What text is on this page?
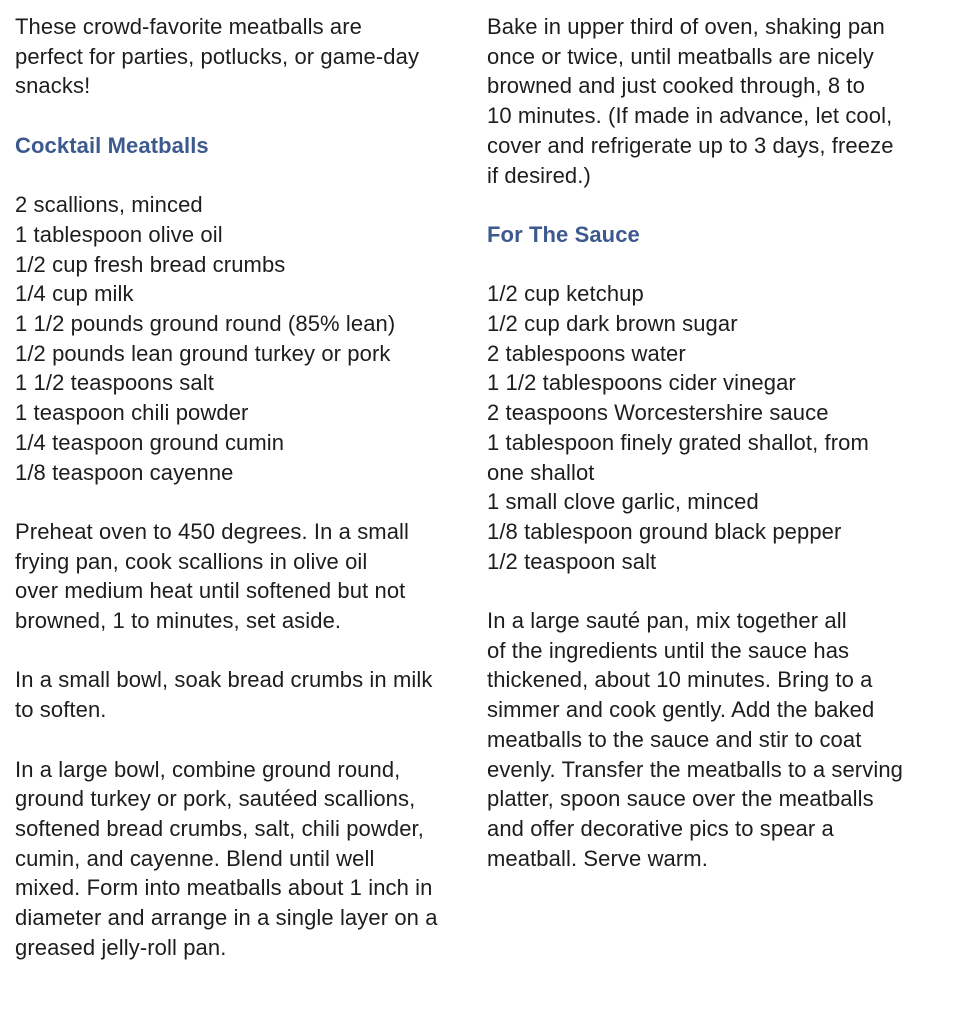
These crowd-favorite meatballs are
perfect for parties, potlucks, or game-day
snacks!
Cocktail Meatballs
2 scallions, minced
1 tablespoon olive oil
1/2 cup fresh bread crumbs
1/4 cup milk
1 1/2 pounds ground round (85% lean)
1/2 pounds lean ground turkey or pork
1 1/2 teaspoons salt
1 teaspoon chili powder
1/4 teaspoon ground cumin
1/8 teaspoon cayenne
Preheat oven to 450 degrees. In a small
frying pan, cook scallions in olive oil
over medium heat until softened but not
browned, 1 to minutes, set aside.
In a small bowl, soak bread crumbs in milk
to soften.
In a large bowl, combine ground round,
ground turkey or pork, sautéed scallions,
softened bread crumbs, salt, chili powder,
cumin, and cayenne. Blend until well
mixed. Form into meatballs about 1 inch in
diameter and arrange in a single layer on a
greased jelly-roll pan.
Bake in upper third of oven, shaking pan
once or twice, until meatballs are nicely
browned and just cooked through, 8 to
10 minutes. (If made in advance, let cool,
cover and refrigerate up to 3 days, freeze
if desired.)
For The Sauce
1/2 cup ketchup
1/2 cup dark brown sugar
2 tablespoons water
1 1/2 tablespoons cider vinegar
2 teaspoons Worcestershire sauce
1 tablespoon finely grated shallot, from
one shallot
1 small clove garlic, minced
1/8 tablespoon ground black pepper
1/2 teaspoon salt
In a large sauté pan, mix together all
of the ingredients until the sauce has
thickened, about 10 minutes. Bring to a
simmer and cook gently. Add the baked
meatballs to the sauce and stir to coat
evenly. Transfer the meatballs to a serving
platter, spoon sauce over the meatballs
and offer decorative pics to spear a
meatball. Serve warm.
